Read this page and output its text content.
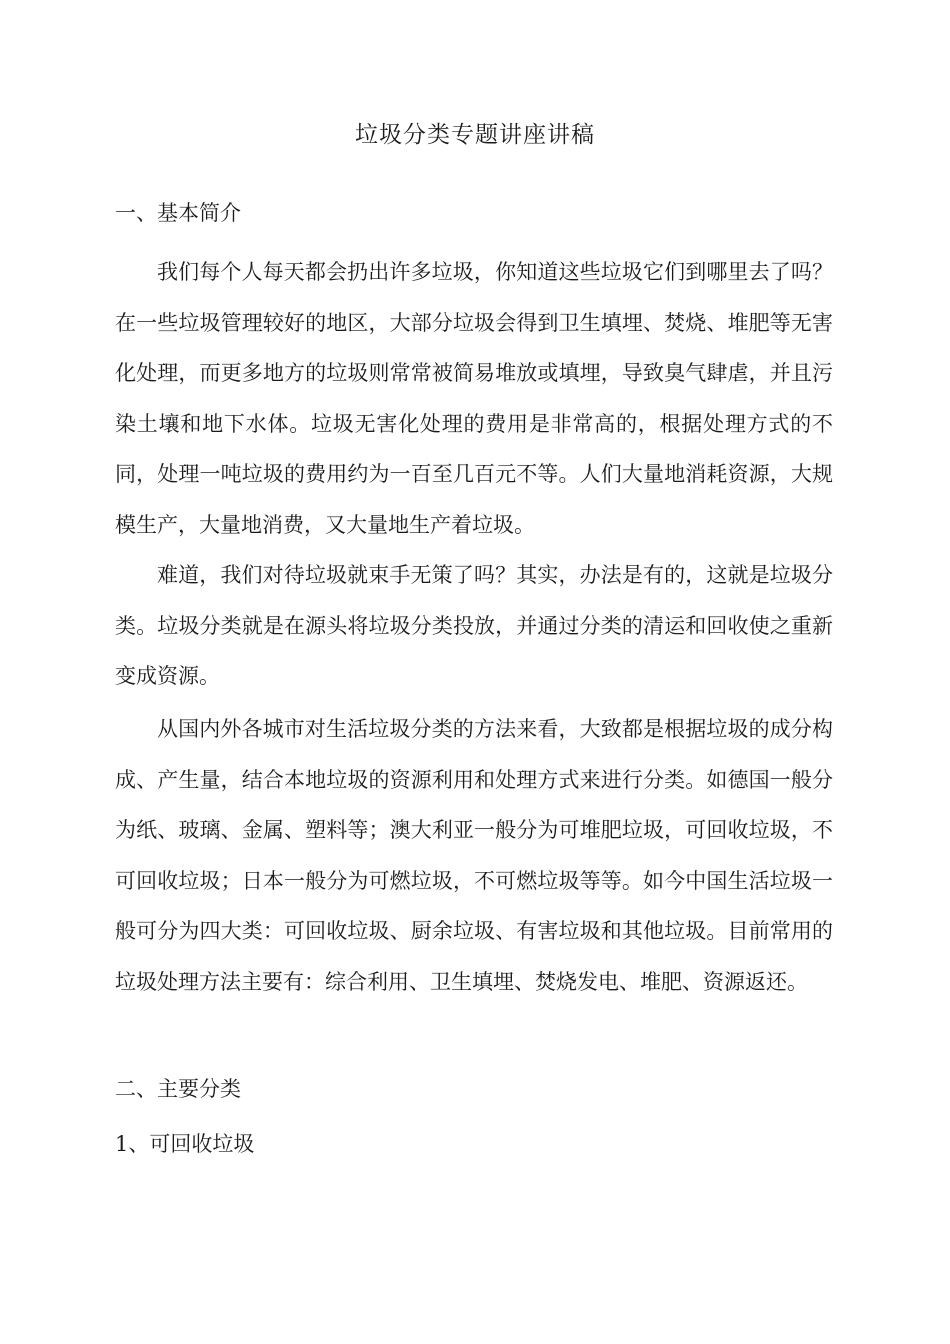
垃圾分类专题讲座讲稿
一、基本简介
我们每个人每天都会扔出许多垃圾，你知道这些垃圾它们到哪里去了吗？在一些垃圾管理较好的地区，大部分垃圾会得到卫生填埋、焚烧、堆肥等无害化处理，而更多地方的垃圾则常常被简易堆放或填埋，导致臭气肆虐，并且污染土壤和地下水体。垃圾无害化处理的费用是非常高的，根据处理方式的不同，处理一吨垃圾的费用约为一百至几百元不等。人们大量地消耗资源，大规模生产，大量地消费，又大量地生产着垃圾。
难道，我们对待垃圾就束手无策了吗？其实，办法是有的，这就是垃圾分类。垃圾分类就是在源头将垃圾分类投放，并通过分类的清运和回收使之重新变成资源。
从国内外各城市对生活垃圾分类的方法来看，大致都是根据垃圾的成分构成、产生量，结合本地垃圾的资源利用和处理方式来进行分类。如德国一般分为纸、玻璃、金属、塑料等；澳大利亚一般分为可堆肥垃圾，可回收垃圾，不可回收垃圾；日本一般分为可燃垃圾，不可燃垃圾等等。如今中国生活垃圾一般可分为四大类：可回收垃圾、厨余垃圾、有害垃圾和其他垃圾。目前常用的垃圾处理方法主要有：综合利用、卫生填埋、焚烧发电、堆肥、资源返还。
二、主要分类
1、可回收垃圾
